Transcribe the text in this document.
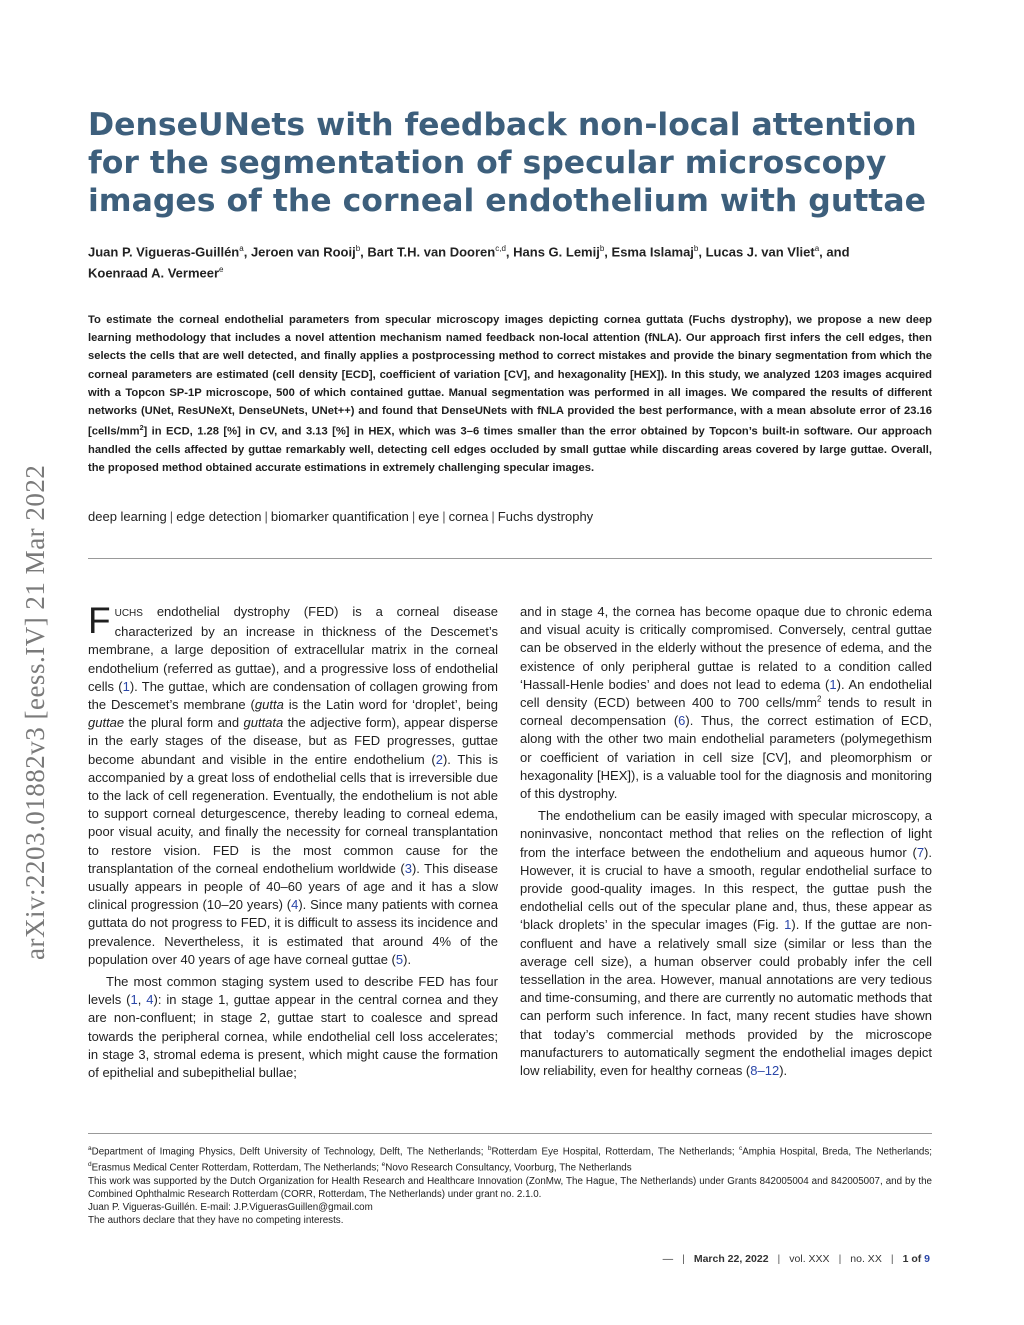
arXiv:2203.01882v3 [eess.IV] 21 Mar 2022
DenseUNets with feedback non-local attention for the segmentation of specular microscopy images of the corneal endothelium with guttae
Juan P. Vigueras-Guillén$^a$, Jeroen van Rooij$^b$, Bart T.H. van Dooren$^{c,d}$, Hans G. Lemij$^b$, Esma Islamaj$^b$, Lucas J. van Vliet$^a$, and
Koenraad A. Vermeer$^e$

To estimate the corneal endothelial parameters from specular microscopy images depicting cornea guttata (Fuchs dystrophy), we propose a new deep learning methodology that includes a novel attention mechanism named feedback non-local attention (fNLA). Our approach first infers the cell edges, then selects the cells that are well detected, and finally applies a postprocessing method to correct mistakes and provide the binary segmentation from which the corneal parameters are estimated (cell density [ECD], coefficient of variation [CV], and hexagonality [HEX]). In this study, we analyzed 1203 images acquired with a Topcon SP-1P microscope, 500 of which contained guttae. Manual segmentation was performed in all images. We compared the results of different networks (UNet, ResUNeXt, DenseUNets, UNet++) and found that DenseUNets with fNLA provided the best performance, with a mean absolute error of 23.16 $[cells/mm^2]$ in ECD, 1.28 [%] in CV, and 3.13 [%] in HEX, which was 3–6 times smaller than the error obtained by Topcon’s built-in software. Our approach handled the cells affected by guttae remarkably well, detecting cell edges occluded by small guttae while discarding areas covered by large guttae. Overall, the proposed method obtained accurate estimations in extremely challenging specular images.

deep learning | edge detection | biomarker quantification | eye | cornea | Fuchs dystrophy

FUCHS endothelial dystrophy (FED) is a corneal disease characterized by an increase in thickness of the Descemet’s membrane, a large deposition of extracellular matrix in the corneal endothelium (referred as guttae), and a progressive loss of endothelial cells (1). The guttae, which are condensation of collagen growing from the Descemet’s membrane (gutta is the Latin word for ‘droplet’, being guttae the plural form and guttata the adjective form), appear disperse in the early stages of the disease, but as FED progresses, guttae become abundant and visible in the entire endothelium (2). This is accompanied by a great loss of endothelial cells that is irreversible due to the lack of cell regeneration. Eventually, the endothelium is not able to support corneal deturgescence, thereby leading to corneal edema, poor visual acuity, and finally the necessity for corneal transplantation to restore vision. FED is the most common cause for the transplantation of the corneal endothelium worldwide (3). This disease usually appears in people of 40–60 years of age and it has a slow clinical progression (10–20 years) (4). Since many patients with cornea guttata do not progress to FED, it is difficult to assess its incidence and prevalence. Nevertheless, it is estimated that around 4% of the population over 40 years of age have corneal guttae (5).

The most common staging system used to describe FED has four levels (1, 4): in stage 1, guttae appear in the central cornea and they are non-confluent; in stage 2, guttae start to coalesce and spread towards the peripheral cornea, while endothelial cell loss accelerates; in stage 3, stromal edema is present, which might cause the formation of epithelial and subepithelial bullae;

and in stage 4, the cornea has become opaque due to chronic edema and visual acuity is critically compromised. Conversely, central guttae can be observed in the elderly without the presence of edema, and the existence of only peripheral guttae is related to a condition called ‘Hassall-Henle bodies’ and does not lead to edema (1). An endothelial cell density (ECD) between 400 to 700 cells/$mm^2$ tends to result in corneal decompensation (6). Thus, the correct estimation of ECD, along with the other two main endothelial parameters (polymegethism or coefficient of variation in cell size [CV], and pleomorphism or hexagonality [HEX]), is a valuable tool for the diagnosis and monitoring of this dystrophy.

The endothelium can be easily imaged with specular microscopy, a noninvasive, noncontact method that relies on the reflection of light from the interface between the endothelium and aqueous humor (7). However, it is crucial to have a smooth, regular endothelial surface to provide good-quality images. In this respect, the guttae push the endothelial cells out of the specular plane and, thus, these appear as ‘black droplets’ in the specular images (Fig. 1). If the guttae are non-confluent and have a relatively small size (similar or less than the average cell size), a human observer could probably infer the cell tessellation in the area. However, manual annotations are very tedious and time-consuming, and there are currently no automatic methods that can perform such inference. In fact, many recent studies have shown that today’s commercial methods provided by the microscope manufacturers to automatically segment the endothelial images depict low reliability, even for healthy corneas (8–12).

$^a$Department of Imaging Physics, Delft University of Technology, Delft, The Netherlands; $^b$Rotterdam Eye Hospital, Rotterdam, The Netherlands; $^c$Amphia Hospital, Breda, The Netherlands; $^d$Erasmus Medical Center Rotterdam, Rotterdam, The Netherlands; $^e$Novo Research Consultancy, Voorburg, The Netherlands
This work was supported by the Dutch Organization for Health Research and Healthcare Innovation (ZonMw, The Hague, The Netherlands) under Grants 842005004 and 842005007, and by the Combined Ophthalmic Research Rotterdam (CORR, Rotterdam, The Netherlands) under grant no. 2.1.0.
Juan P. Vigueras-Guillén. E-mail: J.P.ViguerasGuillen@gmail.com
The authors declare that they have no competing interests.
— | March 22, 2022 | vol. XXX | no. XX | 1 of 9
